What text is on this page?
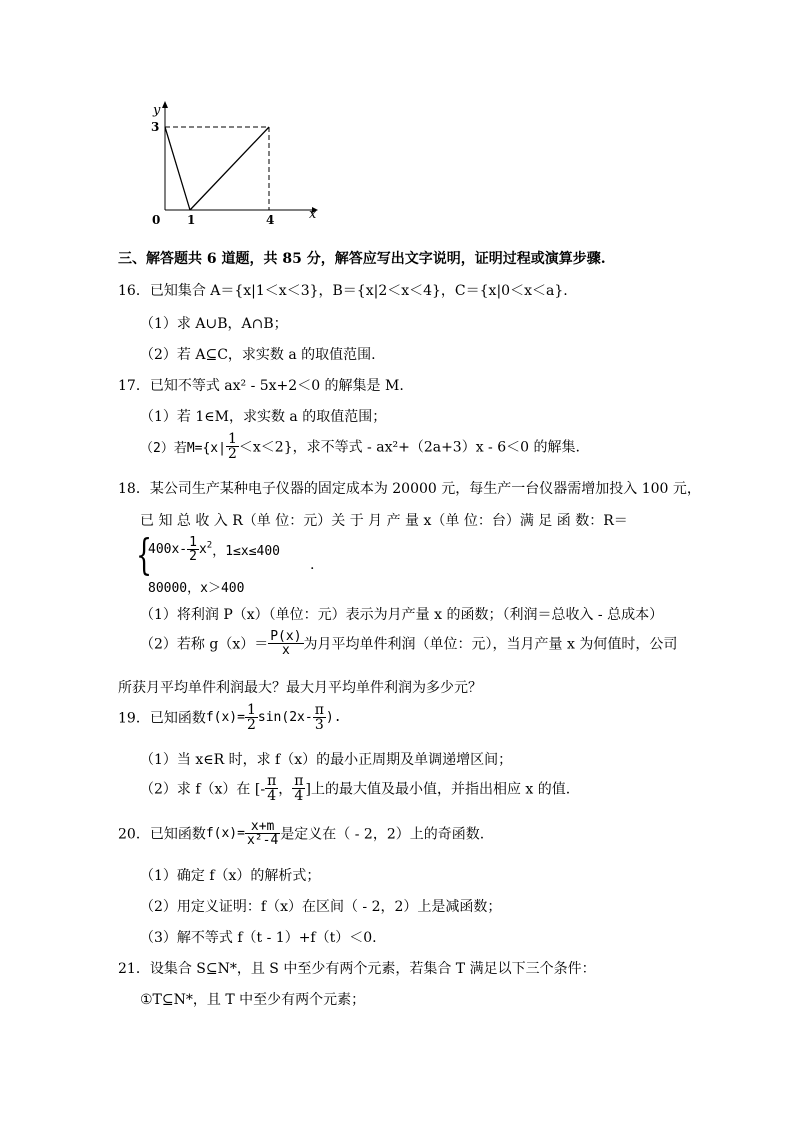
y
x
3
0 1	4
三、解答题共 6 道题，共 85 分，解答应写出文字说明，证明过程或演算步骤.
16．已知集合 A＝{x|1＜x＜3}，B＝{x|2＜x＜4}，C＝{x|0＜x＜a}.
（1）求 A∪B，A∩B；
（2）若 A⊆C，求实数 a 的取值范围.
17．已知不等式 ax² - 5x+2＜0 的解集是 M.
（1）若 1∈M，求实数 a 的取值范围；
（2）若$M=\{x| \frac{1}{2} <x<2\}$，求不等式 - ax²+（2a+3）x - 6＜0 的解集.
18．某公司生产某种电子仪器的固定成本为 20000 元，每生产一台仪器需增加投入 100 元，
已 知 总 收 入 R（单 位：元）关 于 月 产 量 x（单 位：台）满 足 函 数：R＝
{
$400x- \frac{1}{2} x^2$，1≤x≤400
.
80000，x＞400
（1）将利润 P（x）（单位：元）表示为月产量 x 的函数；（利润＝总收入 - 总成本）
（2）若称 $g(x)= \frac{P(x)}{x}$ 为月平均单件利润（单位：元），当月产量 x 为何值时，公司
所获月平均单件利润最大？最大月平均单件利润为多少元？
19．已知函数$f(x)= \frac{1}{2} \sin(2x- \frac{\pi}{3}$ ).
（1）当 x∈R 时，求 f（x）的最小正周期及单调递增区间；
（2）求 f（x）在 [- $\frac{\pi}{4}$ ， $\frac{\pi}{4}$ ]上的最大值及最小值，并指出相应 x 的值.
20．已知函数$f(x)= \frac{x+m}{\text{x²-4}}$ 是定义在（ - 2，2）上的奇函数.
（1）确定 f（x）的解析式；
（2）用定义证明：f（x）在区间（ - 2，2）上是减函数；
（3）解不等式 f（t - 1）+f（t）＜0.
21．设集合 S⊆N*，且 S 中至少有两个元素，若集合 T 满足以下三个条件：
①T⊆N*，且 T 中至少有两个元素；
